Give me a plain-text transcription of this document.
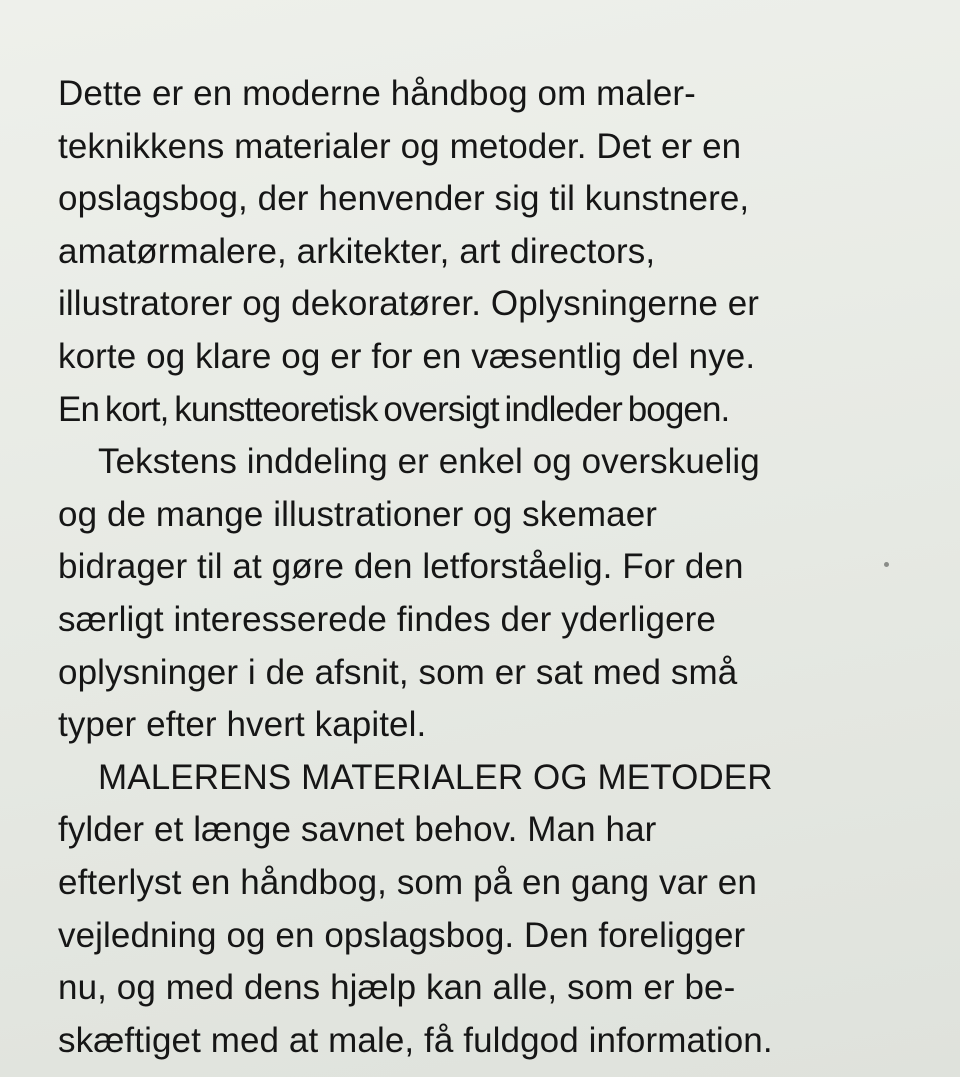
Dette er en moderne håndbog om maler-
teknikkens materialer og metoder. Det er en
opslagsbog, der henvender sig til kunstnere,
amatørmalere, arkitekter, art directors,
illustratorer og dekoratører. Oplysningerne er
korte og klare og er for en væsentlig del nye.
En kort, kunstteoretisk oversigt indleder bogen.
Tekstens inddeling er enkel og overskuelig
og de mange illustrationer og skemaer
bidrager til at gøre den letforståelig. For den
særligt interesserede findes der yderligere
oplysninger i de afsnit, som er sat med små
typer efter hvert kapitel.
MALERENS MATERIALER OG METODER
fylder et længe savnet behov. Man har
efterlyst en håndbog, som på en gang var en
vejledning og en opslagsbog. Den foreligger
nu, og med dens hjælp kan alle, som er be-
skæftiget med at male, få fuldgod information.
